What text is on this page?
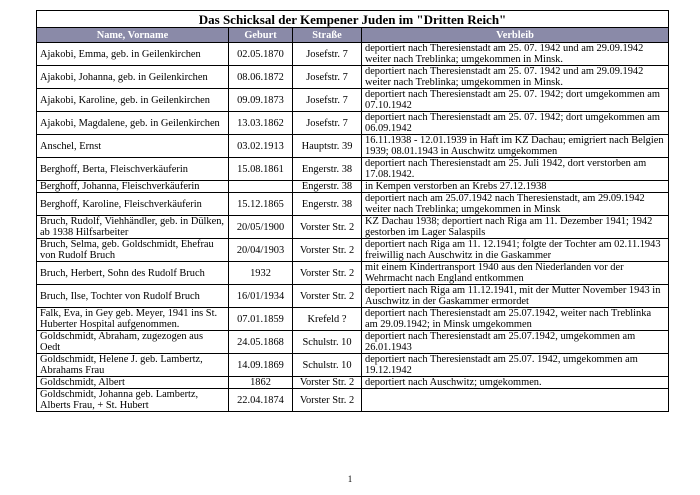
Das Schicksal der Kempener Juden im "Dritten Reich"			
Name, Vorname	Geburt	Straße	Verbleib
Ajakobi, Emma, geb. in Geilenkirchen	02.05.1870	Josefstr. 7	deportiert nach Theresienstadt am 25. 07. 1942 und am 29.09.1942 weiter nach Treblinka; umgekommen in Minsk.
Ajakobi, Johanna, geb. in Geilenkirchen	08.06.1872	Josefstr. 7	deportiert nach Theresienstadt am 25. 07. 1942 und am 29.09.1942 weiter nach Treblinka; umgekommen in Minsk.
Ajakobi, Karoline, geb. in Geilenkirchen	09.09.1873	Josefstr. 7	deportiert nach Theresienstadt am 25. 07. 1942; dort umgekommen am 07.10.1942
Ajakobi, Magdalene, geb. in Geilenkirchen	13.03.1862	Josefstr. 7	deportiert nach Theresienstadt am 25. 07. 1942; dort umgekommen am 06.09.1942
Anschel, Ernst	03.02.1913	Hauptstr. 39	16.11.1938 - 12.01.1939 in Haft im KZ Dachau; emigriert nach Belgien 1939; 08.01.1943 in Auschwitz umgekommen
Berghoff, Berta, Fleischverkäuferin	15.08.1861	Engerstr. 38	deportiert nach Theresienstadt am 25. Juli 1942, dort verstorben am 17.08.1942.
Berghoff, Johanna, Fleischverkäuferin		Engerstr. 38	in Kempen verstorben an Krebs 27.12.1938
Berghoff, Karoline, Fleischverkäuferin	15.12.1865	Engerstr. 38	deportiert nach am 25.07.1942 nach Theresienstadt, am 29.09.1942 weiter nach Treblinka; umgekommen in Minsk
Bruch, Rudolf, Viehhändler, geb. in Dülken, ab 1938 Hilfsarbeiter	20/05/1900	Vorster Str. 2	KZ Dachau 1938; deportiert nach Riga am 11. Dezember 1941; 1942 gestorben im Lager Salaspils
Bruch, Selma, geb. Goldschmidt, Ehefrau von Rudolf Bruch	20/04/1903	Vorster Str. 2	deportiert nach Riga am 11. 12.1941; folgte der Tochter am 02.11.1943 freiwillig nach Auschwitz in die Gaskammer
Bruch, Herbert, Sohn des Rudolf Bruch	1932	Vorster Str. 2	mit einem Kindertransport 1940 aus den Niederlanden vor der Wehrmacht nach England entkommen
Bruch, Ilse, Tochter von Rudolf Bruch	16/01/1934	Vorster Str. 2	deportiert nach Riga am 11.12.1941, mit der Mutter November 1943 in Auschwitz in der Gaskammer ermordet
Falk, Eva, in Gey geb. Meyer, 1941 ins St. Huberter Hospital aufgenommen.	07.01.1859	Krefeld ?	deportiert nach Theresienstadt am 25.07.1942, weiter nach Treblinka am 29.09.1942; in Minsk umgekommen
Goldschmidt, Abraham, zugezogen aus Oedt	24.05.1868	Schulstr. 10	deportiert nach Theresienstadt am 25.07.1942, umgekommen am 26.01.1943
Goldschmidt, Helene J. geb. Lambertz, Abrahams Frau	14.09.1869	Schulstr. 10	deportiert nach Theresienstadt am 25.07. 1942, umgekommen am 19.12.1942
Goldschmidt, Albert	1862	Vorster Str. 2	deportiert nach Auschwitz; umgekommen.
Goldschmidt, Johanna geb. Lambertz, Alberts Frau, + St. Hubert	22.04.1874	Vorster Str. 2	
1
